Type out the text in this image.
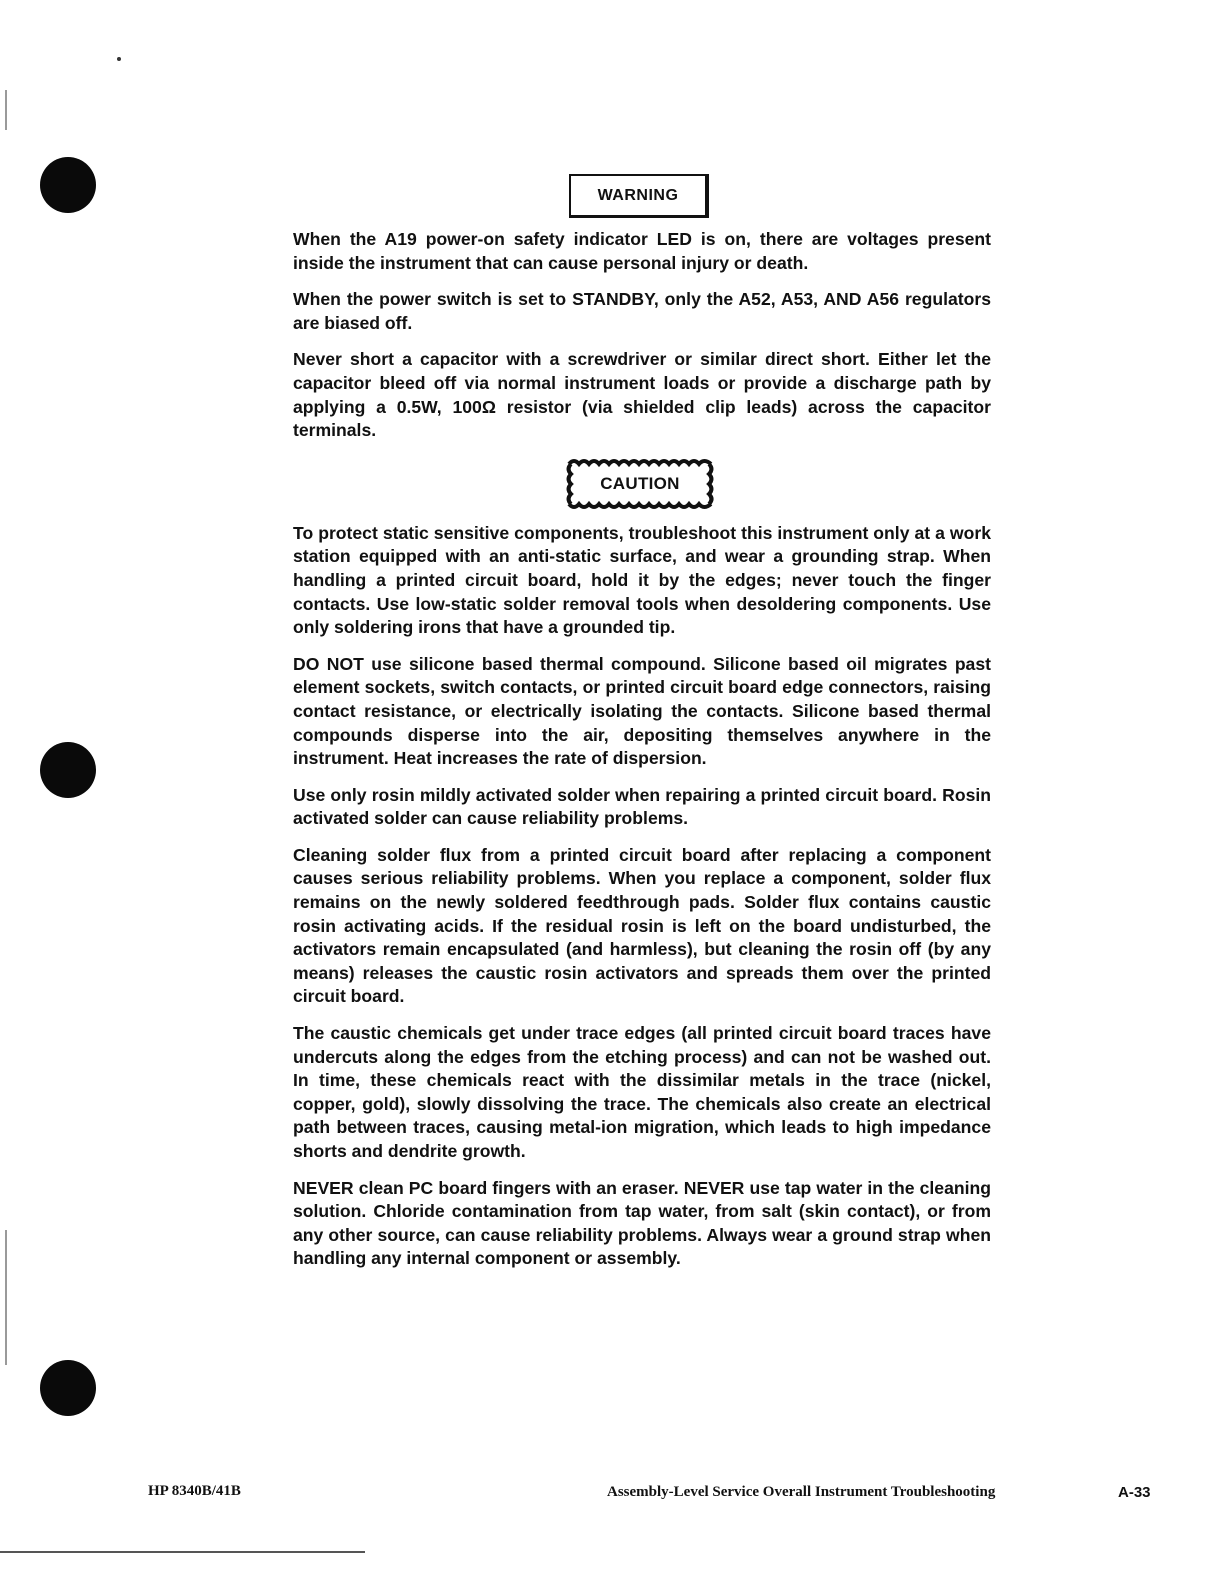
WARNING

When the A19 power-on safety indicator LED is on, there are voltages present inside the instrument that can cause personal injury or death.

When the power switch is set to STANDBY, only the A52, A53, AND A56 regulators are biased off.

Never short a capacitor with a screwdriver or similar direct short. Either let the capacitor bleed off via normal instrument loads or provide a discharge path by applying a 0.5W, 100Ω resistor (via shielded clip leads) across the capacitor terminals.

CAUTION

To protect static sensitive components, troubleshoot this instrument only at a work station equipped with an anti-static surface, and wear a grounding strap. When handling a printed circuit board, hold it by the edges; never touch the finger contacts. Use low-static solder removal tools when desoldering components. Use only soldering irons that have a grounded tip.

DO NOT use silicone based thermal compound. Silicone based oil migrates past element sockets, switch contacts, or printed circuit board edge connectors, raising contact resistance, or electrically isolating the contacts. Silicone based thermal compounds disperse into the air, depositing themselves anywhere in the instrument. Heat increases the rate of dispersion.

Use only rosin mildly activated solder when repairing a printed circuit board. Rosin activated solder can cause reliability problems.

Cleaning solder flux from a printed circuit board after replacing a component causes serious reliability problems. When you replace a component, solder flux remains on the newly soldered feedthrough pads. Solder flux contains caustic rosin activating acids. If the residual rosin is left on the board undisturbed, the activators remain encapsulated (and harmless), but cleaning the rosin off (by any means) releases the caustic rosin activators and spreads them over the printed circuit board.

The caustic chemicals get under trace edges (all printed circuit board traces have undercuts along the edges from the etching process) and can not be washed out. In time, these chemicals react with the dissimilar metals in the trace (nickel, copper, gold), slowly dissolving the trace. The chemicals also create an electrical path between traces, causing metal-ion migration, which leads to high impedance shorts and dendrite growth.

NEVER clean PC board fingers with an eraser. NEVER use tap water in the cleaning solution. Chloride contamination from tap water, from salt (skin contact), or from any other source, can cause reliability problems. Always wear a ground strap when handling any internal component or assembly.

HP 8340B/41B	Assembly-Level Service Overall Instrument Troubleshooting	A-33
